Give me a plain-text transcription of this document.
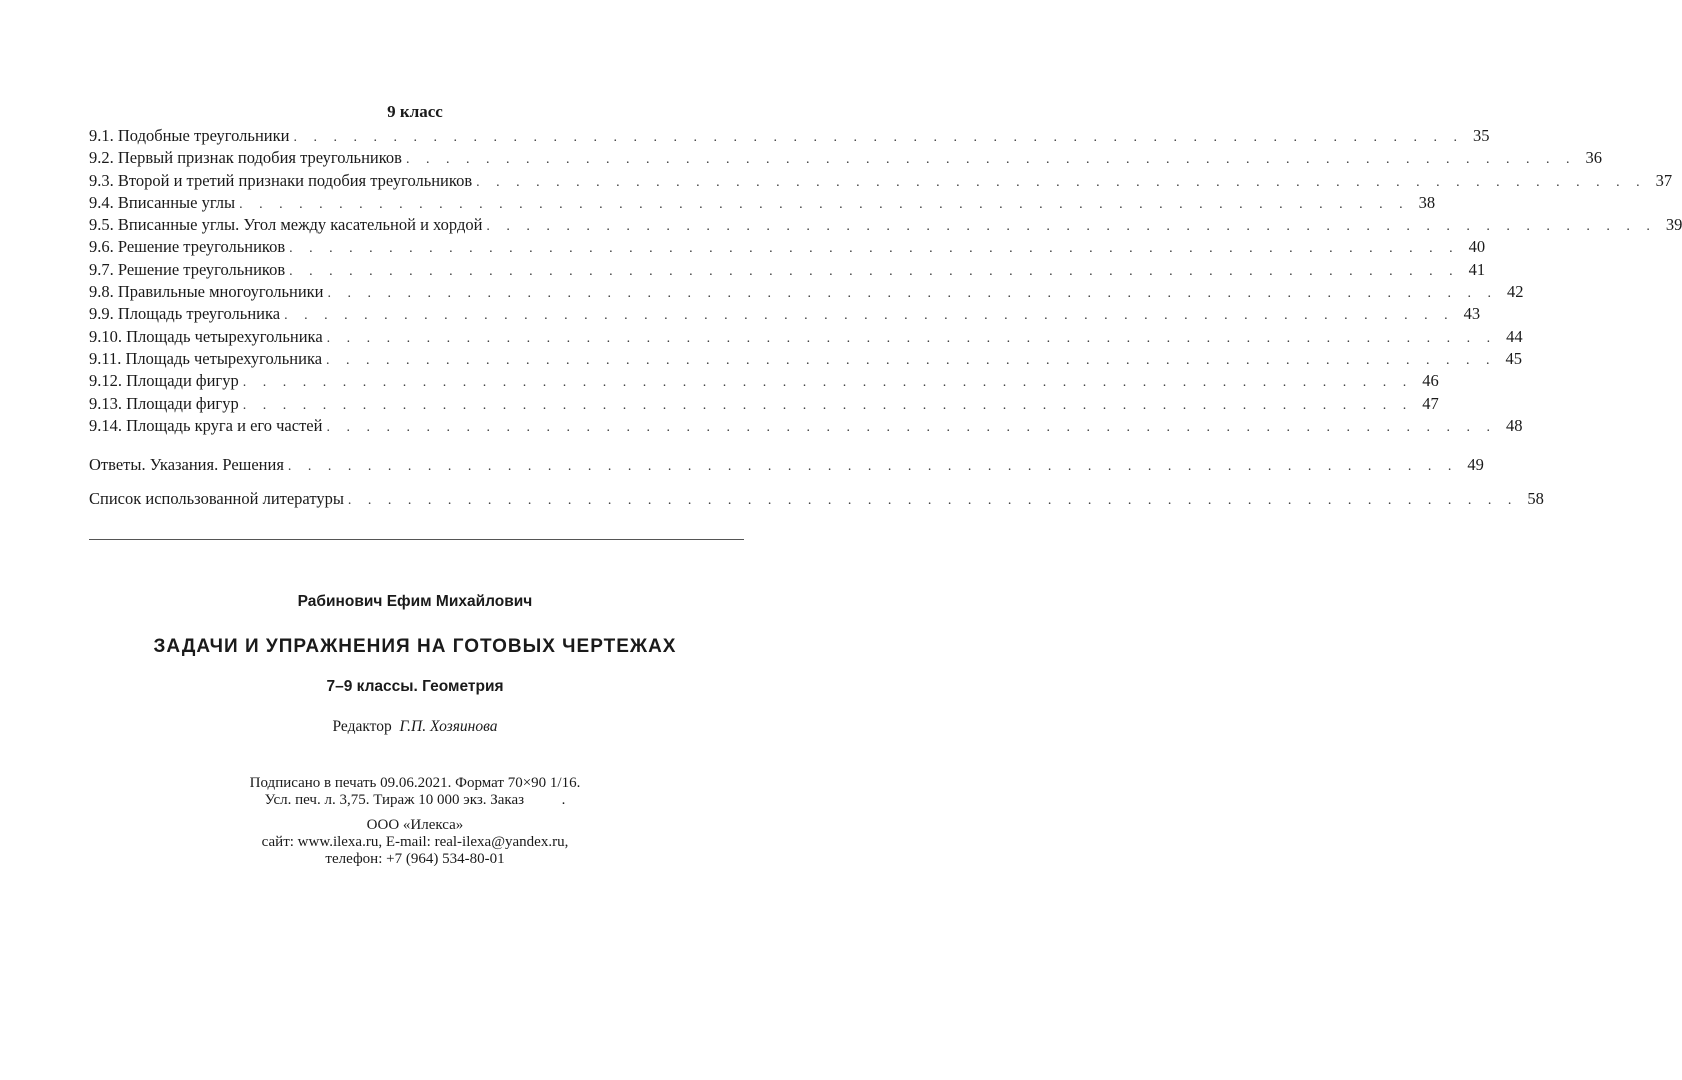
9 класс
9.1. Подобные треугольники . . . . . . . . . . . . . . . . . . . . . . . . . . . . . . . . . . . . . . . . . . . . . . . . . . . . . . . . . . . 35
9.2. Первый признак подобия треугольников . . . . . . . . . . . . . . . . . . . . . . . . . . . . . . . . . . . . . . . . . . . . . . . . . . . . . . . . . . . 36
9.3. Второй и третий признаки подобия треугольников . . . . . . . . . . . . . . . . . . . . . . . . . . . . . . . . . . . . . . . . . . . . . . . . . . . . . . . . . . . 37
9.4. Вписанные углы . . . . . . . . . . . . . . . . . . . . . . . . . . . . . . . . . . . . . . . . . . . . . . . . . . . . . . . . . . . 38
9.5. Вписанные углы. Угол между касательной и хордой . . . . . . . . . . . . . . . . . . . . . . . . . . . . . . . . . . . . . . . . . . . . . . . . . . . . . . . . . . . 39
9.6. Решение треугольников . . . . . . . . . . . . . . . . . . . . . . . . . . . . . . . . . . . . . . . . . . . . . . . . . . . . . . . . . . . 40
9.7. Решение треугольников . . . . . . . . . . . . . . . . . . . . . . . . . . . . . . . . . . . . . . . . . . . . . . . . . . . . . . . . . . . 41
9.8. Правильные многоугольники . . . . . . . . . . . . . . . . . . . . . . . . . . . . . . . . . . . . . . . . . . . . . . . . . . . . . . . . . . . 42
9.9. Площадь треугольника . . . . . . . . . . . . . . . . . . . . . . . . . . . . . . . . . . . . . . . . . . . . . . . . . . . . . . . . . . . 43
9.10. Площадь четырехугольника . . . . . . . . . . . . . . . . . . . . . . . . . . . . . . . . . . . . . . . . . . . . . . . . . . . . . . . . . . . 44
9.11. Площадь четырехугольника . . . . . . . . . . . . . . . . . . . . . . . . . . . . . . . . . . . . . . . . . . . . . . . . . . . . . . . . . . . 45
9.12. Площади фигур . . . . . . . . . . . . . . . . . . . . . . . . . . . . . . . . . . . . . . . . . . . . . . . . . . . . . . . . . . . 46
9.13. Площади фигур . . . . . . . . . . . . . . . . . . . . . . . . . . . . . . . . . . . . . . . . . . . . . . . . . . . . . . . . . . . 47
9.14. Площадь круга и его частей . . . . . . . . . . . . . . . . . . . . . . . . . . . . . . . . . . . . . . . . . . . . . . . . . . . . . . . . . . . 48
Ответы. Указания. Решения . . . . . . . . . . . . . . . . . . . . . . . . . . . . . . . . . . . . . . . . . . . . . . . . . . . . . . . . . . . 49
Список использованной литературы . . . . . . . . . . . . . . . . . . . . . . . . . . . . . . . . . . . . . . . . . . . . . . . . . . . . . . . . . . . 58
Рабинович Ефим Михайлович
ЗАДАЧИ И УПРАЖНЕНИЯ НА ГОТОВЫХ ЧЕРТЕЖАХ
7–9 классы. Геометрия
Редактор Г.П. Хозяинова
Подписано в печать 09.06.2021. Формат 70×90 1/16.
Усл. печ. л. 3,75. Тираж 10 000 экз. Заказ          .
ООО «Илекса»
сайт: www.ilexa.ru, E-mail: real-ilexa@yandex.ru,
телефон: +7 (964) 534-80-01
